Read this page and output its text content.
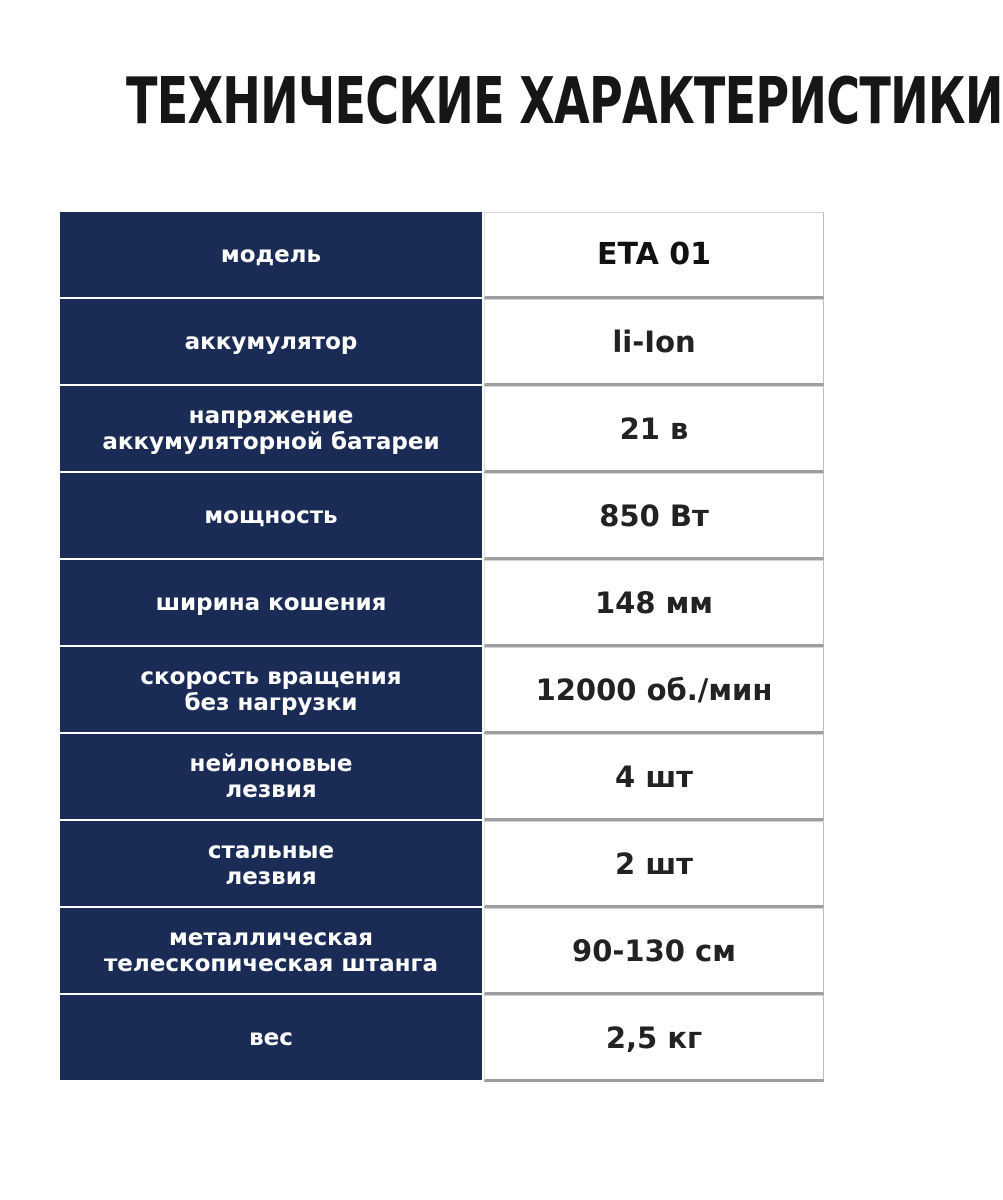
ТЕХНИЧЕСКИЕ ХАРАКТЕРИСТИКИ
модель	ETA 01
аккумулятор	li-Ion
напряжение
аккумуляторной батареи	21 в
мощность	850 Вт
ширина кошения	148 мм
скорость вращения
без нагрузки	12000 об./мин
нейлоновые
лезвия	4 шт
стальные
лезвия	2 шт
металлическая
телескопическая штанга	90-130 см
вес	2,5 кг
